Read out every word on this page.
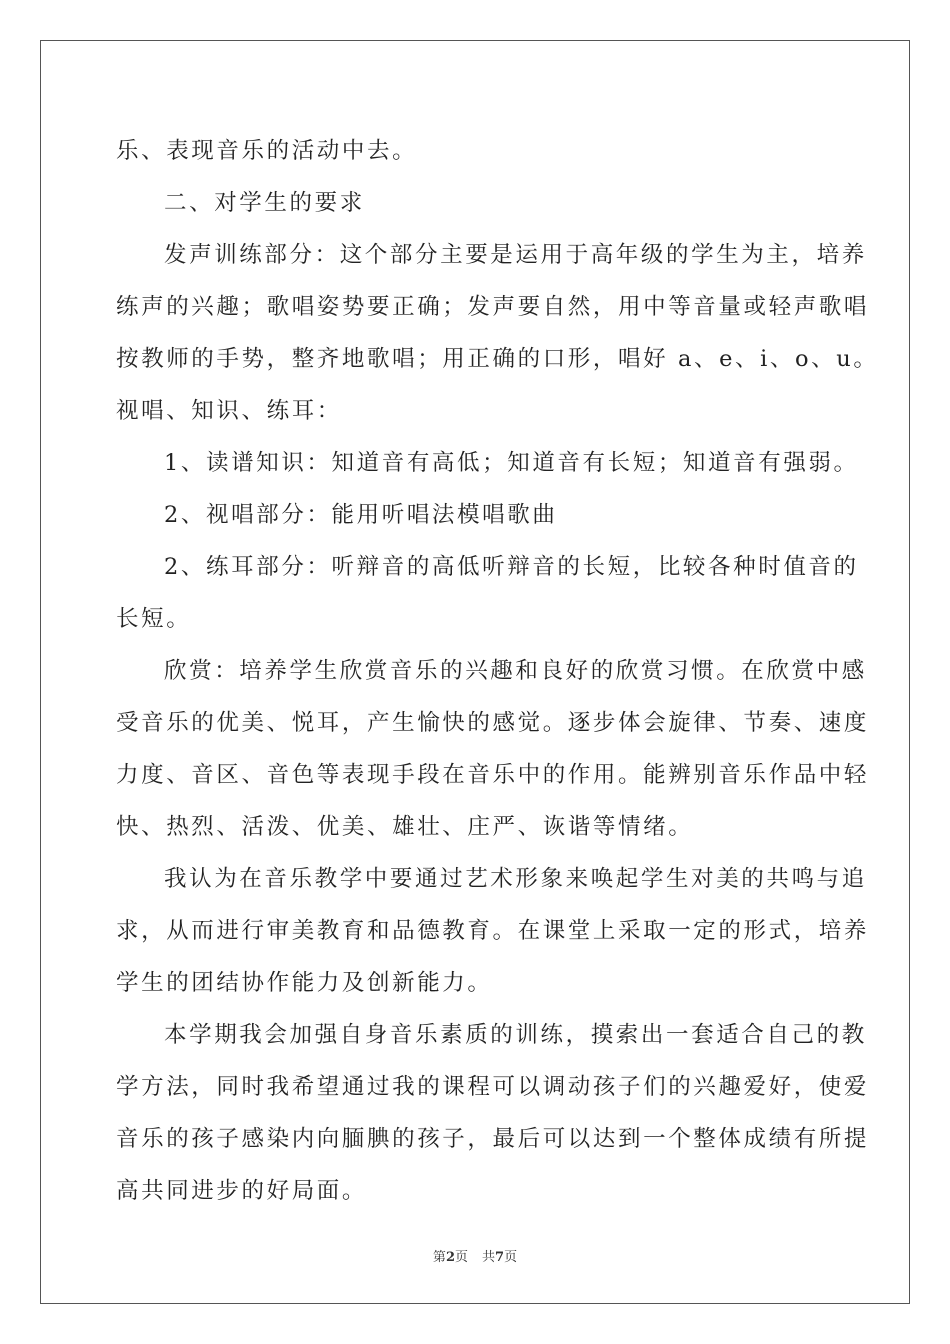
乐、表现音乐的活动中去。
二、对学生的要求
发声训练部分：这个部分主要是运用于高年级的学生为主，培养
练声的兴趣；歌唱姿势要正确；发声要自然，用中等音量或轻声歌唱
按教师的手势，整齐地歌唱；用正确的口形，唱好 a、e、i、o、u。
视唱、知识、练耳：
1、读谱知识：知道音有高低；知道音有长短；知道音有强弱。
2、视唱部分：能用听唱法模唱歌曲
2、练耳部分：听辩音的高低听辩音的长短，比较各种时值音的
长短。
欣赏：培养学生欣赏音乐的兴趣和良好的欣赏习惯。在欣赏中感
受音乐的优美、悦耳，产生愉快的感觉。逐步体会旋律、节奏、速度
力度、音区、音色等表现手段在音乐中的作用。能辨别音乐作品中轻
快、热烈、活泼、优美、雄壮、庄严、诙谐等情绪。
我认为在音乐教学中要通过艺术形象来唤起学生对美的共鸣与追
求，从而进行审美教育和品德教育。在课堂上采取一定的形式，培养
学生的团结协作能力及创新能力。
本学期我会加强自身音乐素质的训练，摸索出一套适合自己的教
学方法，同时我希望通过我的课程可以调动孩子们的兴趣爱好，使爱
音乐的孩子感染内向腼腆的孩子，最后可以达到一个整体成绩有所提
高共同进步的好局面。
第2页 共7页
